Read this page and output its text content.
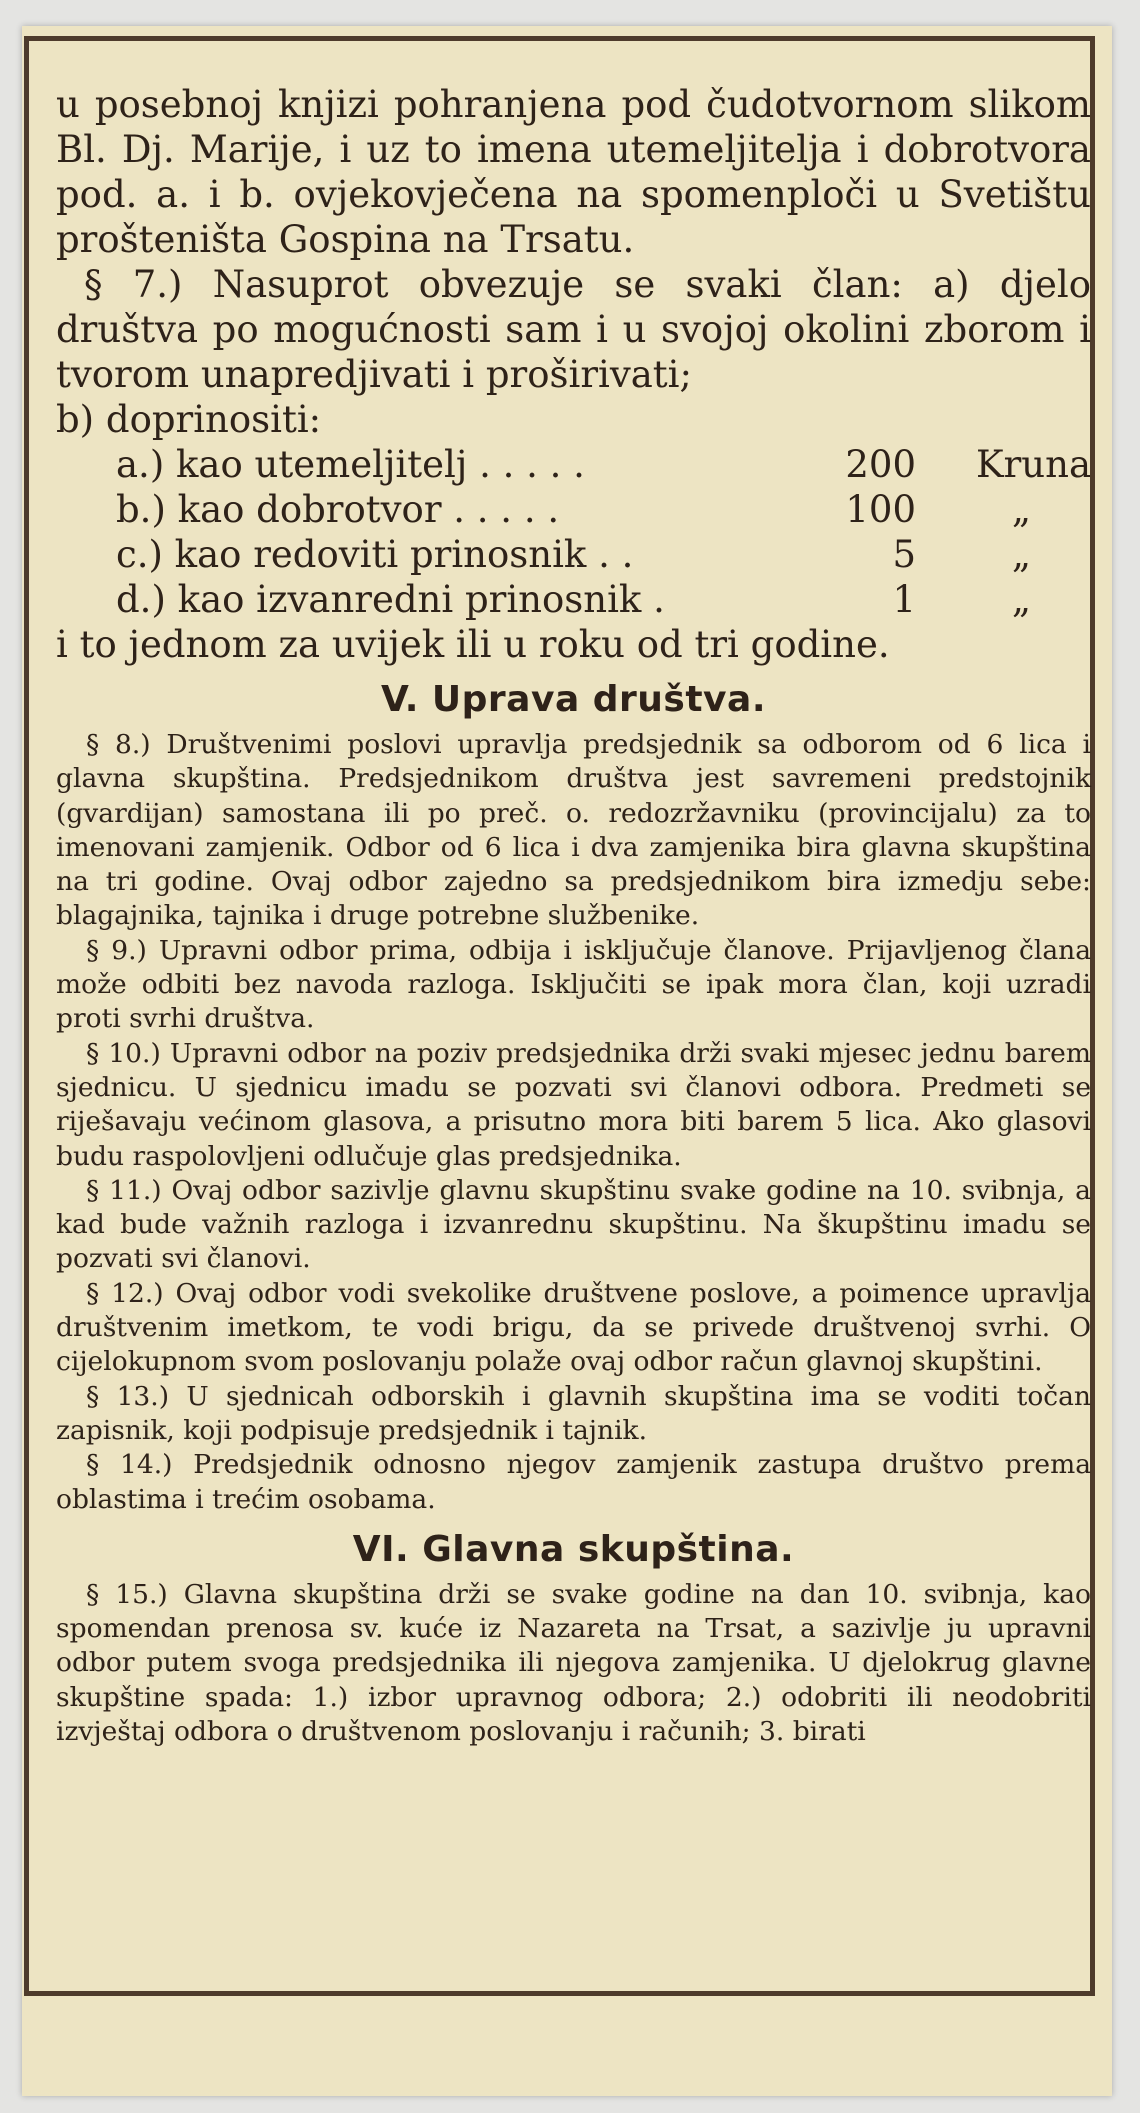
u posebnoj knjizi pohranjena pod čudotvornom slikom Bl. Dj. Marije, i uz to imena utemeljitelja i dobrotvora pod. a. i b. ovjekovječena na spomenploči u Svetištu prošteništa Gospina na Trsatu.

§ 7.) Nasuprot obvezuje se svaki član: a) djelo društva po mogućnosti sam i u svojoj okolini zborom i tvorom unapredjivati i proširivati;

b) doprinositi:

a.) kao utemeljitelj . . . . .	200	Kruna
b.) kao dobrotvor . . . . .	100	„
c.) kao redoviti prinosnik . .	5	„
d.) kao izvanredni prinosnik .	1	„

i to jednom za uvijek ili u roku od tri godine.

V. Uprava društva.

§ 8.) Društvenimi poslovi upravlja predsjednik sa odborom od 6 lica i glavna skupština. Predsjednikom društva jest savremeni predstojnik (gvardijan) samostana ili po preč. o. redozržavniku (provincijalu) za to imenovani zamjenik. Odbor od 6 lica i dva zamjenika bira glavna skupština na tri godine. Ovaj odbor zajedno sa predsjednikom bira izmedju sebe: blagajnika, tajnika i druge potrebne službenike.

§ 9.) Upravni odbor prima, odbija i isključuje članove. Prijavljenog člana može odbiti bez navoda razloga. Isključiti se ipak mora član, koji uzradi proti svrhi društva.

§ 10.) Upravni odbor na poziv predsjednika drži svaki mjesec jednu barem sjednicu. U sjednicu imadu se pozvati svi članovi odbora. Predmeti se riješavaju većinom glasova, a prisutno mora biti barem 5 lica. Ako glasovi budu raspolovljeni odlučuje glas predsjednika.

§ 11.) Ovaj odbor sazivlje glavnu skupštinu svake godine na 10. svibnja, a kad bude važnih razloga i izvanrednu skupštinu. Na škupštinu imadu se pozvati svi članovi.

§ 12.) Ovaj odbor vodi svekolike društvene poslove, a poimence upravlja društvenim imetkom, te vodi brigu, da se privede društvenoj svrhi. O cijelokupnom svom poslovanju polaže ovaj odbor račun glavnoj skupštini.

§ 13.) U sjednicah odborskih i glavnih skupština ima se voditi točan zapisnik, koji podpisuje predsjednik i tajnik.

§ 14.) Predsjednik odnosno njegov zamjenik zastupa društvo prema oblastima i trećim osobama.

VI. Glavna skupština.

§ 15.) Glavna skupština drži se svake godine na dan 10. svibnja, kao spomendan prenosa sv. kuće iz Nazareta na Trsat, a sazivlje ju upravni odbor putem svoga predsjednika ili njegova zamjenika. U djelokrug glavne skupštine spada: 1.) izbor upravnog odbora; 2.) odobriti ili neodobriti izvještaj odbora o društvenom poslovanju i računih; 3. birati
